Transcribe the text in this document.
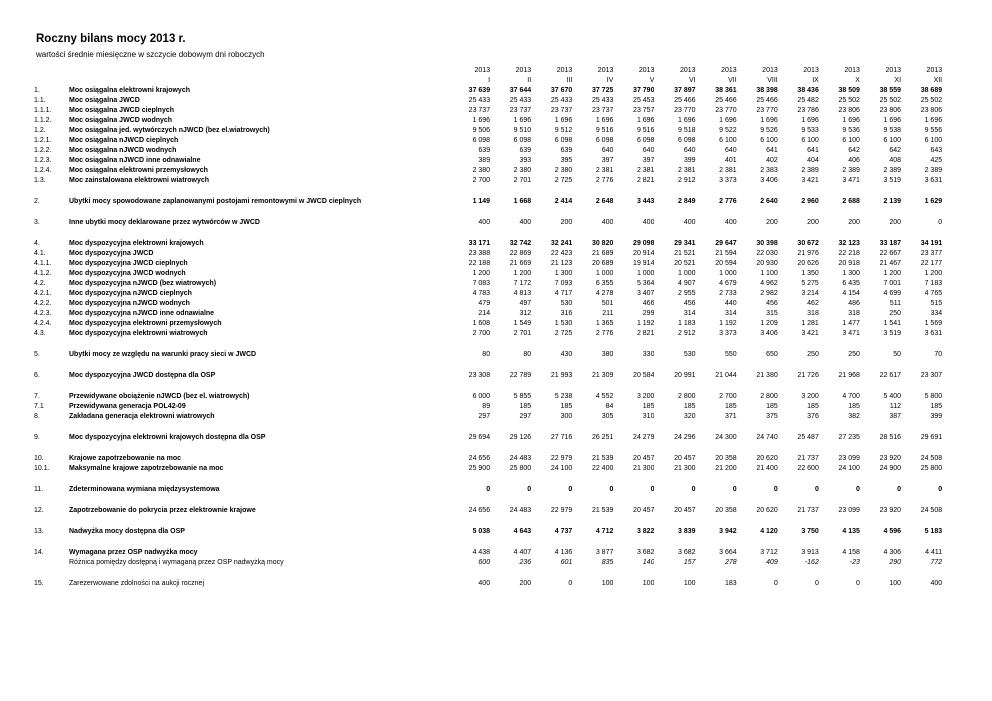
Roczny bilans mocy 2013 r.
wartości średnie miesięczne w szczycie dobowym dni roboczych
		2013	2013	2013	2013	2013	2013	2013	2013	2013	2013	2013	2013
		I	II	III	IV	V	VI	VII	VIII	IX	X	XI	XII
1.	Moc osiągalna elektrowni krajowych	37 639	37 644	37 670	37 725	37 790	37 897	38 361	38 398	38 436	38 509	38 559	38 689
1.1.	Moc osiągalna JWCD	25 433	25 433	25 433	25 433	25 453	25 466	25 466	25 466	25 482	25 502	25 502	25 502
1.1.1.	Moc osiągalna JWCD cieplnych	23 737	23 737	23 737	23 737	23 757	23 770	23 770	23 770	23 786	23 806	23 806	23 806
1.1.2.	Moc osiągalna JWCD wodnych	1 696	1 696	1 696	1 696	1 696	1 696	1 696	1 696	1 696	1 696	1 696	1 696
1.2.	Moc osiągalna jed. wytwórczych nJWCD (bez el.wiatrowych)	9 506	9 510	9 512	9 516	9 516	9 518	9 522	9 526	9 533	9 536	9 538	9 556
1.2.1.	Moc osiągalna nJWCD cieplnych	6 098	6 098	6 098	6 098	6 098	6 098	6 100	6 100	6 100	6 100	6 100	6 100
1.2.2.	Moc osiągalna nJWCD wodnych	639	639	639	640	640	640	640	641	641	642	642	643
1.2.3.	Moc osiągalna nJWCD inne odnawialne	389	393	395	397	397	399	401	402	404	406	408	425
1.2.4.	Moc osiągalna elektrowni przemysłowych	2 380	2 380	2 380	2 381	2 381	2 381	2 381	2 383	2 389	2 389	2 389	2 389
1.3.	Moc zainstalowana elektrowni wiatrowych	2 700	2 701	2 725	2 776	2 821	2 912	3 373	3 406	3 421	3 471	3 519	3 631

2.	Ubytki mocy spowodowane zaplanowanymi postojami remontowymi w JWCD cieplnych	1 149	1 668	2 414	2 648	3 443	2 849	2 776	2 640	2 960	2 688	2 139	1 629

3.	Inne ubytki mocy deklarowane przez wytwórców w JWCD	400	400	200	400	400	400	400	200	200	200	200	0

4.	Moc dyspozycyjna elektrowni krajowych	33 171	32 742	32 241	30 820	29 098	29 341	29 647	30 398	30 672	32 123	33 187	34 191
4.1.	Moc dyspozycyjna JWCD	23 388	22 869	22 423	21 689	20 914	21 521	21 594	22 030	21 976	22 218	22 667	23 377
4.1.1.	Moc dyspozycyjna JWCD cieplnych	22 188	21 669	21 123	20 689	19 914	20 521	20 594	20 930	20 626	20 918	21 467	22 177
4.1.2.	Moc dyspozycyjna JWCD wodnych	1 200	1 200	1 300	1 000	1 000	1 000	1 000	1 100	1 350	1 300	1 200	1 200
4.2.	Moc dyspozycyjna nJWCD (bez wiatrowych)	7 083	7 172	7 093	6 355	5 364	4 907	4 679	4 962	5 275	6 435	7 001	7 183
4.2.1.	Moc dyspozycyjna nJWCD cieplnych	4 783	4 813	4 717	4 278	3 407	2 955	2 733	2 982	3 214	4 154	4 699	4 765
4.2.2.	Moc dyspozycyjna nJWCD wodnych	479	497	530	501	466	456	440	456	462	486	511	515
4.2.3.	Moc dyspozycyjna nJWCD inne odnawialne	214	312	316	211	299	314	314	315	318	318	250	334
4.2.4.	Moc dyspozycyjna elektrowni przemysłowych	1 608	1 549	1 530	1 365	1 192	1 183	1 192	1 209	1 281	1 477	1 541	1 569
4.3.	Moc dyspozycyjna elektrowni wiatrowych	2 700	2 701	2 725	2 776	2 821	2 912	3 373	3 406	3 421	3 471	3 519	3 631

5.	Ubytki mocy ze względu na warunki pracy sieci w JWCD	80	80	430	380	330	530	550	650	250	250	50	70

6.	Moc dyspozycyjna JWCD dostępna dla OSP	23 308	22 789	21 993	21 309	20 584	20 991	21 044	21 380	21 726	21 968	22 617	23 307

7.	Przewidywane obciążenie nJWCD (bez el. wiatrowych)	6 000	5 855	5 238	4 552	3 200	2 800	2 700	2 800	3 200	4 700	5 400	5 800
7.1	Przewidywana generacja POL42-09	89	185	185	84	185	185	185	185	185	185	112	185
8.	Zakładana generacja elektrowni wiatrowych	297	297	300	305	310	320	371	375	376	382	387	399

9.	Moc dyspozycyjna elektrowni krajowych dostępna dla OSP	29 694	29 126	27 716	26 251	24 279	24 296	24 300	24 740	25 487	27 235	28 516	29 691

10.	Krajowe zapotrzebowanie na moc	24 656	24 483	22 979	21 539	20 457	20 457	20 358	20 620	21 737	23 099	23 920	24 508
10.1.	Maksymalne krajowe zapotrzebowanie na moc	25 900	25 800	24 100	22 400	21 300	21 300	21 200	21 400	22 600	24 100	24 900	25 800

11.	Zdeterminowana wymiana międzysystemowa	0	0	0	0	0	0	0	0	0	0	0	0

12.	Zapotrzebowanie do pokrycia przez elektrownie krajowe	24 656	24 483	22 979	21 539	20 457	20 457	20 358	20 620	21 737	23 099	23 920	24 508

13.	Nadwyżka mocy dostępna dla OSP	5 038	4 643	4 737	4 712	3 822	3 839	3 942	4 120	3 750	4 135	4 596	5 183

14.	Wymagana przez OSP nadwyżka mocy	4 438	4 407	4 136	3 877	3 682	3 682	3 664	3 712	3 913	4 158	4 306	4 411
	Różnica pomiędzy dostępną i wymaganą przez OSP nadwyżką mocy	600	236	601	835	140	157	278	409	-162	-23	290	772

15.	Zarezerwowane zdolności na aukcji rocznej	400	200	0	100	100	100	183	0	0	0	100	400
